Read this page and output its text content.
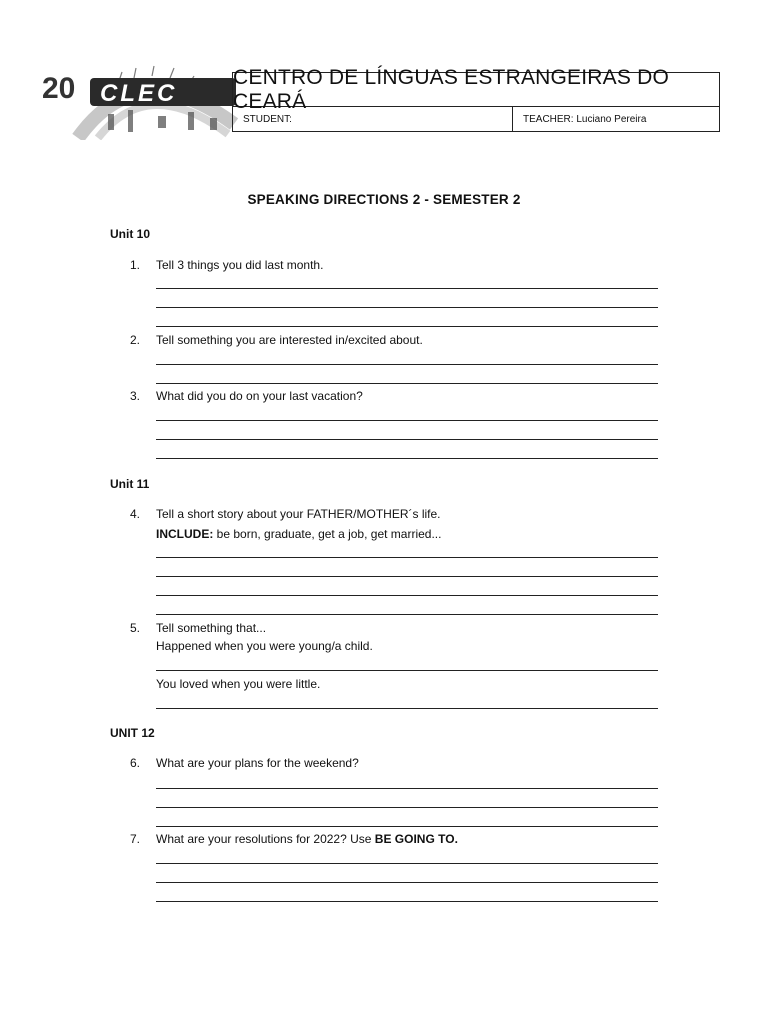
20 CLEC
CENTRO DE LÍNGUAS ESTRANGEIRAS DO CEARÁ
STUDENT:	TEACHER: Luciano Pereira
SPEAKING DIRECTIONS 2 - SEMESTER 2
Unit 10
1.	Tell 3 things you did last month.
2.	Tell something you are interested in/excited about.
3.	What did you do on your last vacation?
Unit 11
4.	Tell a short story about your FATHER/MOTHER´s life.
INCLUDE: be born, graduate, get a job, get married...
5.	Tell something that...
Happened when you were young/a child.
You loved when you were little.
UNIT 12
6.	What are your plans for the weekend?
7.	What are your resolutions for 2022? Use BE GOING TO.
